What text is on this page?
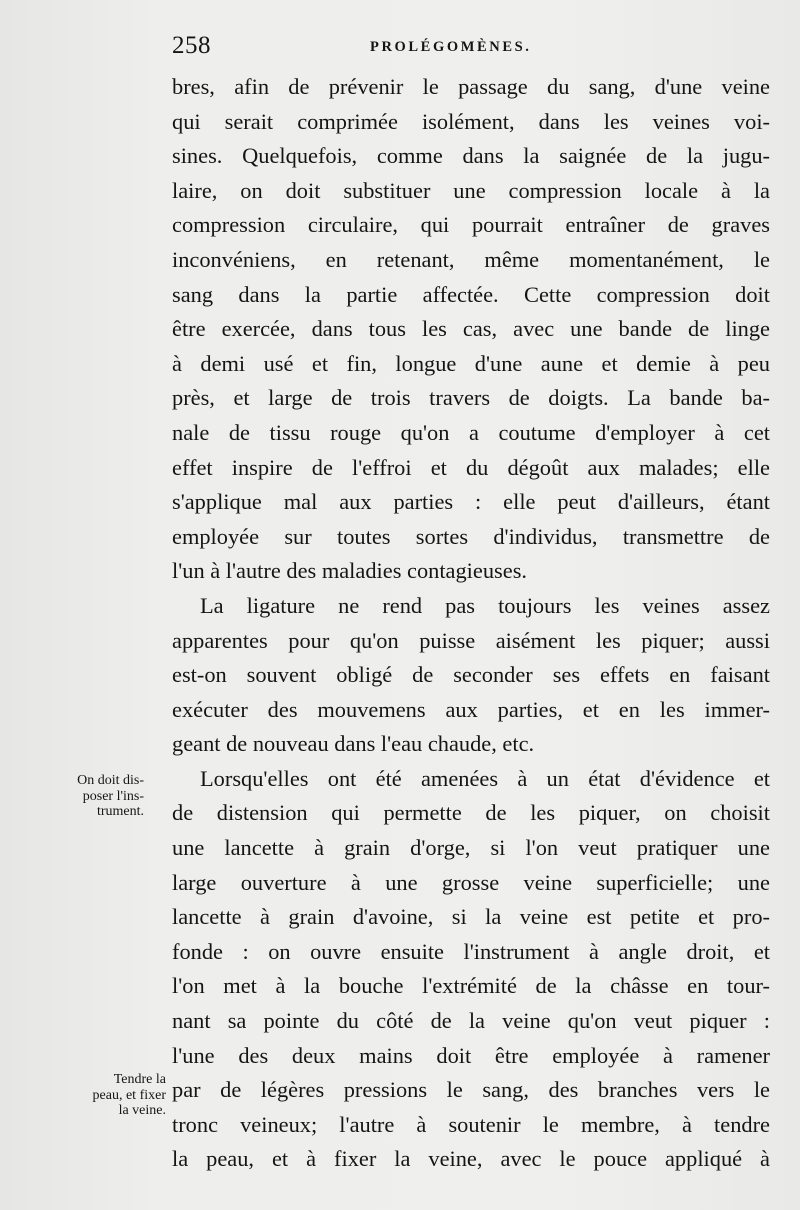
258	PROLÉGOMÈNES.
bres, afin de prévenir le passage du sang, d'une veine
qui serait comprimée isolément, dans les veines voi-
sines. Quelquefois, comme dans la saignée de la jugu-
laire, on doit substituer une compression locale à la
compression circulaire, qui pourrait entraîner de graves
inconvéniens, en retenant, même momentanément, le
sang dans la partie affectée. Cette compression doit
être exercée, dans tous les cas, avec une bande de linge
à demi usé et fin, longue d'une aune et demie à peu
près, et large de trois travers de doigts. La bande ba-
nale de tissu rouge qu'on a coutume d'employer à cet
effet inspire de l'effroi et du dégoût aux malades; elle
s'applique mal aux parties : elle peut d'ailleurs, étant
employée sur toutes sortes d'individus, transmettre de
l'un à l'autre des maladies contagieuses.
La ligature ne rend pas toujours les veines assez
apparentes pour qu'on puisse aisément les piquer; aussi
est-on souvent obligé de seconder ses effets en faisant
exécuter des mouvemens aux parties, et en les immer-
geant de nouveau dans l'eau chaude, etc.
Lorsqu'elles ont été amenées à un état d'évidence et
de distension qui permette de les piquer, on choisit
une lancette à grain d'orge, si l'on veut pratiquer une
large ouverture à une grosse veine superficielle; une
lancette à grain d'avoine, si la veine est petite et pro-
fonde : on ouvre ensuite l'instrument à angle droit, et
l'on met à la bouche l'extrémité de la châsse en tour-
nant sa pointe du côté de la veine qu'on veut piquer :
l'une des deux mains doit être employée à ramener
par de légères pressions le sang, des branches vers le
tronc veineux; l'autre à soutenir le membre, à tendre
la peau, et à fixer la veine, avec le pouce appliqué à
On doit dis-
poser l'ins-
trument.
Tendre la
peau, et fixer
la veine.
